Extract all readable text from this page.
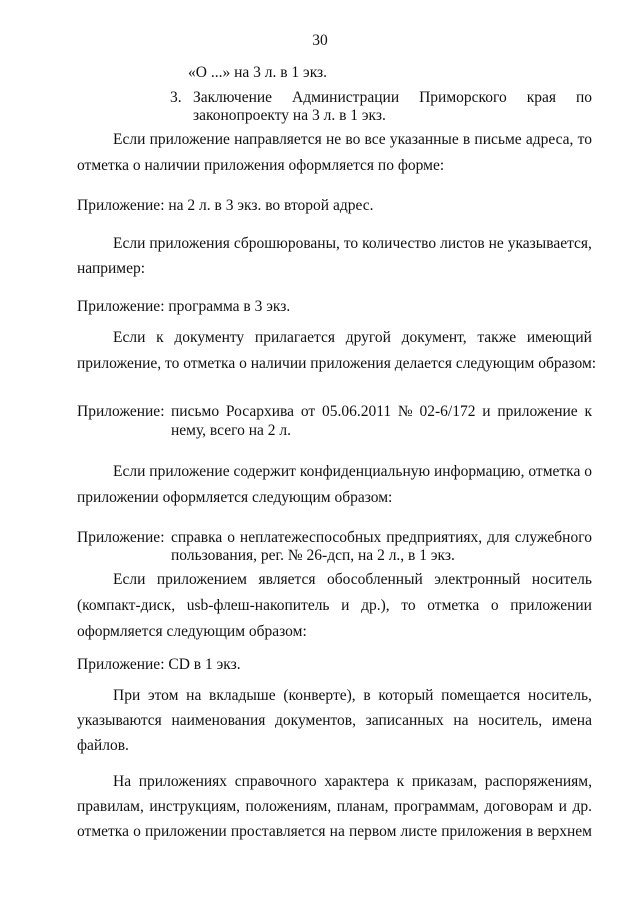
30
«О ...» на 3 л. в 1 экз.
3. Заключение Администрации Приморского края по
законопроекту на 3 л. в 1 экз.
Если приложение направляется не во все указанные в письме адреса, то
отметка о наличии приложения оформляется по форме:
Приложение: на 2 л. в 3 экз. во второй адрес.
Если приложения сброшюрованы, то количество листов не указывается,
например:
Приложение: программа в 3 экз.
Если к документу прилагается другой документ, также имеющий
приложение, то отметка о наличии приложения делается следующим образом:
Приложение: письмо Росархива от 05.06.2011 № 02-6/172 и приложение к
нему, всего на 2 л.
Если приложение содержит конфиденциальную информацию, отметка о
приложении оформляется следующим образом:
Приложение: справка о неплатежеспособных предприятиях, для служебного
пользования, рег. № 26-дсп, на 2 л., в 1 экз.
Если приложением является обособленный электронный носитель
(компакт-диск, usb-флеш-накопитель и др.), то отметка о приложении
оформляется следующим образом:
Приложение: CD в 1 экз.
При этом на вкладыше (конверте), в который помещается носитель,
указываются наименования документов, записанных на носитель, имена
файлов.
На приложениях справочного характера к приказам, распоряжениям,
правилам, инструкциям, положениям, планам, программам, договорам и др.
отметка о приложении проставляется на первом листе приложения в верхнем
